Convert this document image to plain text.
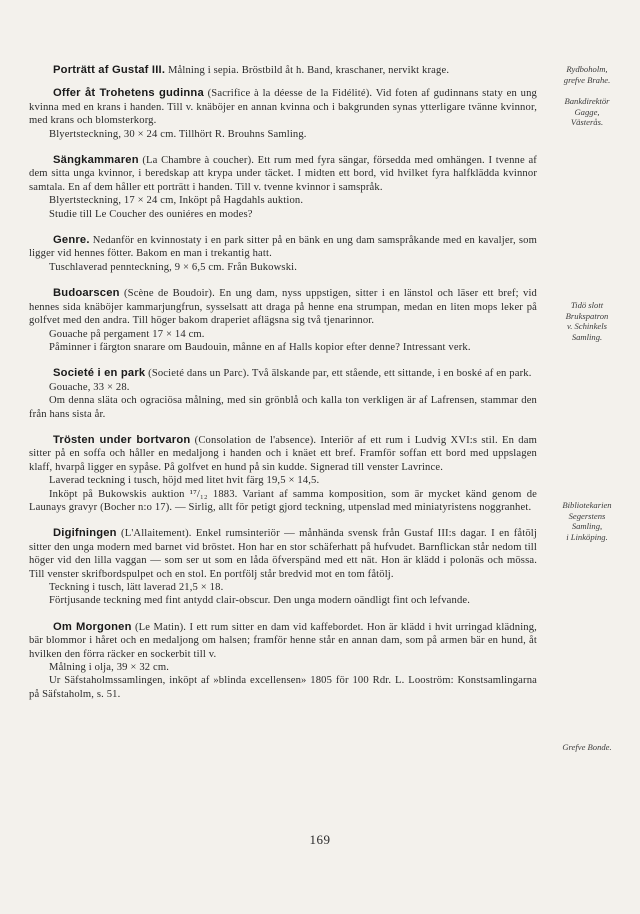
Porträtt af Gustaf III. Målning i sepia. Bröstbild åt h. Band, kraschaner, nervikt krage.

Offer åt Trohetens gudinna (Sacrifice à la déesse de la Fidélité). Vid foten af gudinnans staty en ung kvinna med en krans i handen. Till v. knäböjer en annan kvinna och i bakgrunden synas ytterligare tvänne kvinnor, med krans och blomsterkorg.

Blyertsteckning, 30 × 24 cm. Tillhört R. Brouhns Samling.

Sängkammaren (La Chambre à coucher). Ett rum med fyra sängar, försedda med omhängen. I tvenne af dem sitta unga kvinnor, i beredskap att krypa under täcket. I midten ett bord, vid hvilket fyra halfklädda kvinnor samtala. En af dem håller ett porträtt i handen. Till v. tvenne kvinnor i samspråk.

Blyertsteckning, 17 × 24 cm, Inköpt på Hagdahls auktion.

Studie till Le Coucher des ouniéres en modes?

Genre. Nedanför en kvinnostaty i en park sitter på en bänk en ung dam samspråkande med en kavaljer, som ligger vid hennes fötter. Bakom en man i trekantig hatt.

Tuschlaverad pennteckning, 9 × 6,5 cm. Från Bukowski.

Budoarscen (Scène de Boudoir). En ung dam, nyss uppstigen, sitter i en länstol och läser ett bref; vid hennes sida knäböjer kammarjungfrun, sysselsatt att draga på henne ena strumpan, medan en liten mops leker på golfvet med den andra. Till höger bakom draperiet aflägsna sig två tjenarinnor.

Gouache på pergament 17 × 14 cm.

Påminner i färgton snarare om Baudouin, månne en af Halls kopior efter denne? Intressant verk.

Societé i en park (Societé dans un Parc). Två älskande par, ett stående, ett sittande, i en boské af en park.

Gouache, 33 × 28.

Om denna släta och ograciösa målning, med sin grönblå och kalla ton verkligen är af Lafrensen, stammar den från hans sista år.

Trösten under bortvaron (Consolation de l'absence). Interiör af ett rum i Ludvig XVI:s stil. En dam sitter på en soffa och håller en medaljong i handen och i knäet ett bref. Framför soffan ett bord med uppslagen klaff, hvarpå ligger en sypåse. På golfvet en hund på sin kudde. Signerad till venster Lavrince.

Laverad teckning i tusch, höjd med litet hvit färg 19,5 × 14,5.

Inköpt på Bukowskis auktion ¹⁷/₁₂ 1883. Variant af samma komposition, som är mycket känd genom de Launays gravyr (Bocher n:o 17). — Sirlig, allt för petigt gjord teckning, utpenslad med miniatyristens noggranhet.

Digifningen (L'Allaitement). Enkel rumsinteriör — månhända svensk från Gustaf III:s dagar. I en fåtölj sitter den unga modern med barnet vid bröstet. Hon har en stor schäferhatt på hufvudet. Barnflickan står nedom till höger vid den lilla vaggan — som ser ut som en låda öfverspänd med ett nät. Hon är klädd i polonäs och mössa. Till venster skrifbordspulpet och en stol. En portfölj står bredvid mot en tom fåtölj.

Teckning i tusch, lätt laverad 21,5 × 18.

Förtjusande teckning med fint antydd clair-obscur. Den unga modern oändligt fint och lefvande.

Om Morgonen (Le Matin). I ett rum sitter en dam vid kaffebordet. Hon är klädd i hvit urringad klädning, bär blommor i håret och en medaljong om halsen; framför henne står en annan dam, som på armen bär en hund, åt hvilken den förra räcker en sockerbit till v.

Målning i olja, 39 × 32 cm.

Ur Säfstaholmssamlingen, inköpt af »blinda excellensen» 1805 för 100 Rdr. L. Looström: Konstsamlingarna på Säfstaholm, s. 51.

Rydboholm,
grefve Brahe.
Bankdirektör
Gagge,
Västerås.
Tidö slott
Brukspatron
v. Schinkels
Samling.
Bibliotekarien
Segerstens
Samling,
i Linköping.
Grefve Bonde.
169
